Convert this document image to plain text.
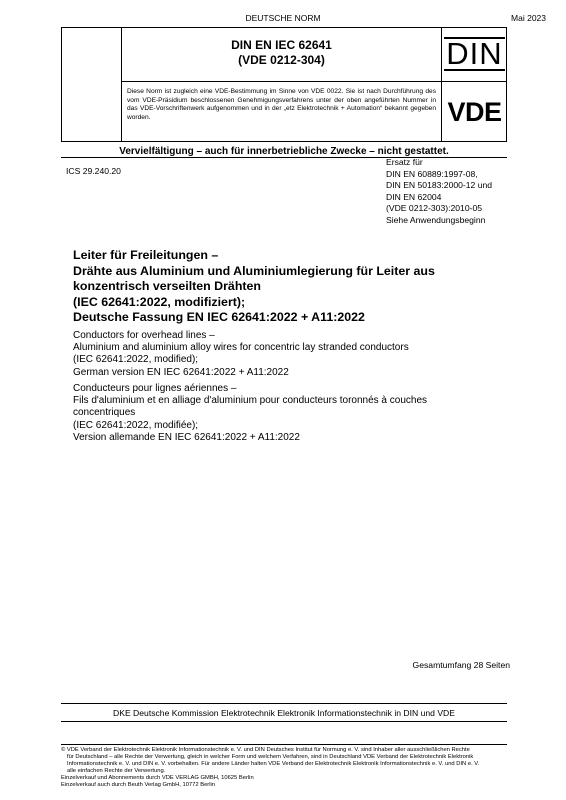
DEUTSCHE NORM	Mai 2023
DIN EN IEC 62641
(VDE 0212-304)	DIN
Diese Norm ist zugleich eine VDE-Bestimmung im Sinne von VDE 0022. Sie ist nach Durchführung des vom VDE-Präsidium beschlossenen Genehmigungsverfahrens unter der oben angeführten Nummer in das VDE-Vorschriftenwerk aufgenommen und in der „etz Elektrotechnik + Automation“ bekannt gegeben worden.	VDE
Vervielfältigung – auch für innerbetriebliche Zwecke – nicht gestattet.
ICS 29.240.20
Ersatz für
DIN EN 60889:1997-08,
DIN EN 50183:2000-12 und
DIN EN 62004
(VDE 0212-303):2010-05
Siehe Anwendungsbeginn
Leiter für Freileitungen –
Drähte aus Aluminium und Aluminiumlegierung für Leiter aus
konzentrisch verseilten Drähten
(IEC 62641:2022, modifiziert);
Deutsche Fassung EN IEC 62641:2022 + A11:2022
Conductors for overhead lines –
Aluminium and aluminium alloy wires for concentric lay stranded conductors
(IEC 62641:2022, modified);
German version EN IEC 62641:2022 + A11:2022
Conducteurs pour lignes aériennes –
Fils d'aluminium et en alliage d'aluminium pour conducteurs toronnés à couches
concentriques
(IEC 62641:2022, modifiée);
Version allemande EN IEC 62641:2022 + A11:2022
Gesamtumfang 28 Seiten
DKE Deutsche Kommission Elektrotechnik Elektronik Informationstechnik in DIN und VDE
© VDE Verband der Elektrotechnik Elektronik Informationstechnik e. V. und DIN Deutsches Institut für Normung e. V. sind Inhaber aller ausschließlichen Rechte
für Deutschland – alle Rechte der Verwertung, gleich in welcher Form und welchem Verfahren, sind in Deutschland VDE Verband der Elektrotechnik Elektronik
Informationstechnik e. V. und DIN e. V. vorbehalten. Für andere Länder halten VDE Verband der Elektrotechnik Elektronik Informationstechnik e. V. und DIN e. V.
alle einfachen Rechte der Verwertung.
Einzelverkauf und Abonnements durch VDE VERLAG GMBH, 10625 Berlin
Einzelverkauf auch durch Beuth Verlag GmbH, 10772 Berlin
